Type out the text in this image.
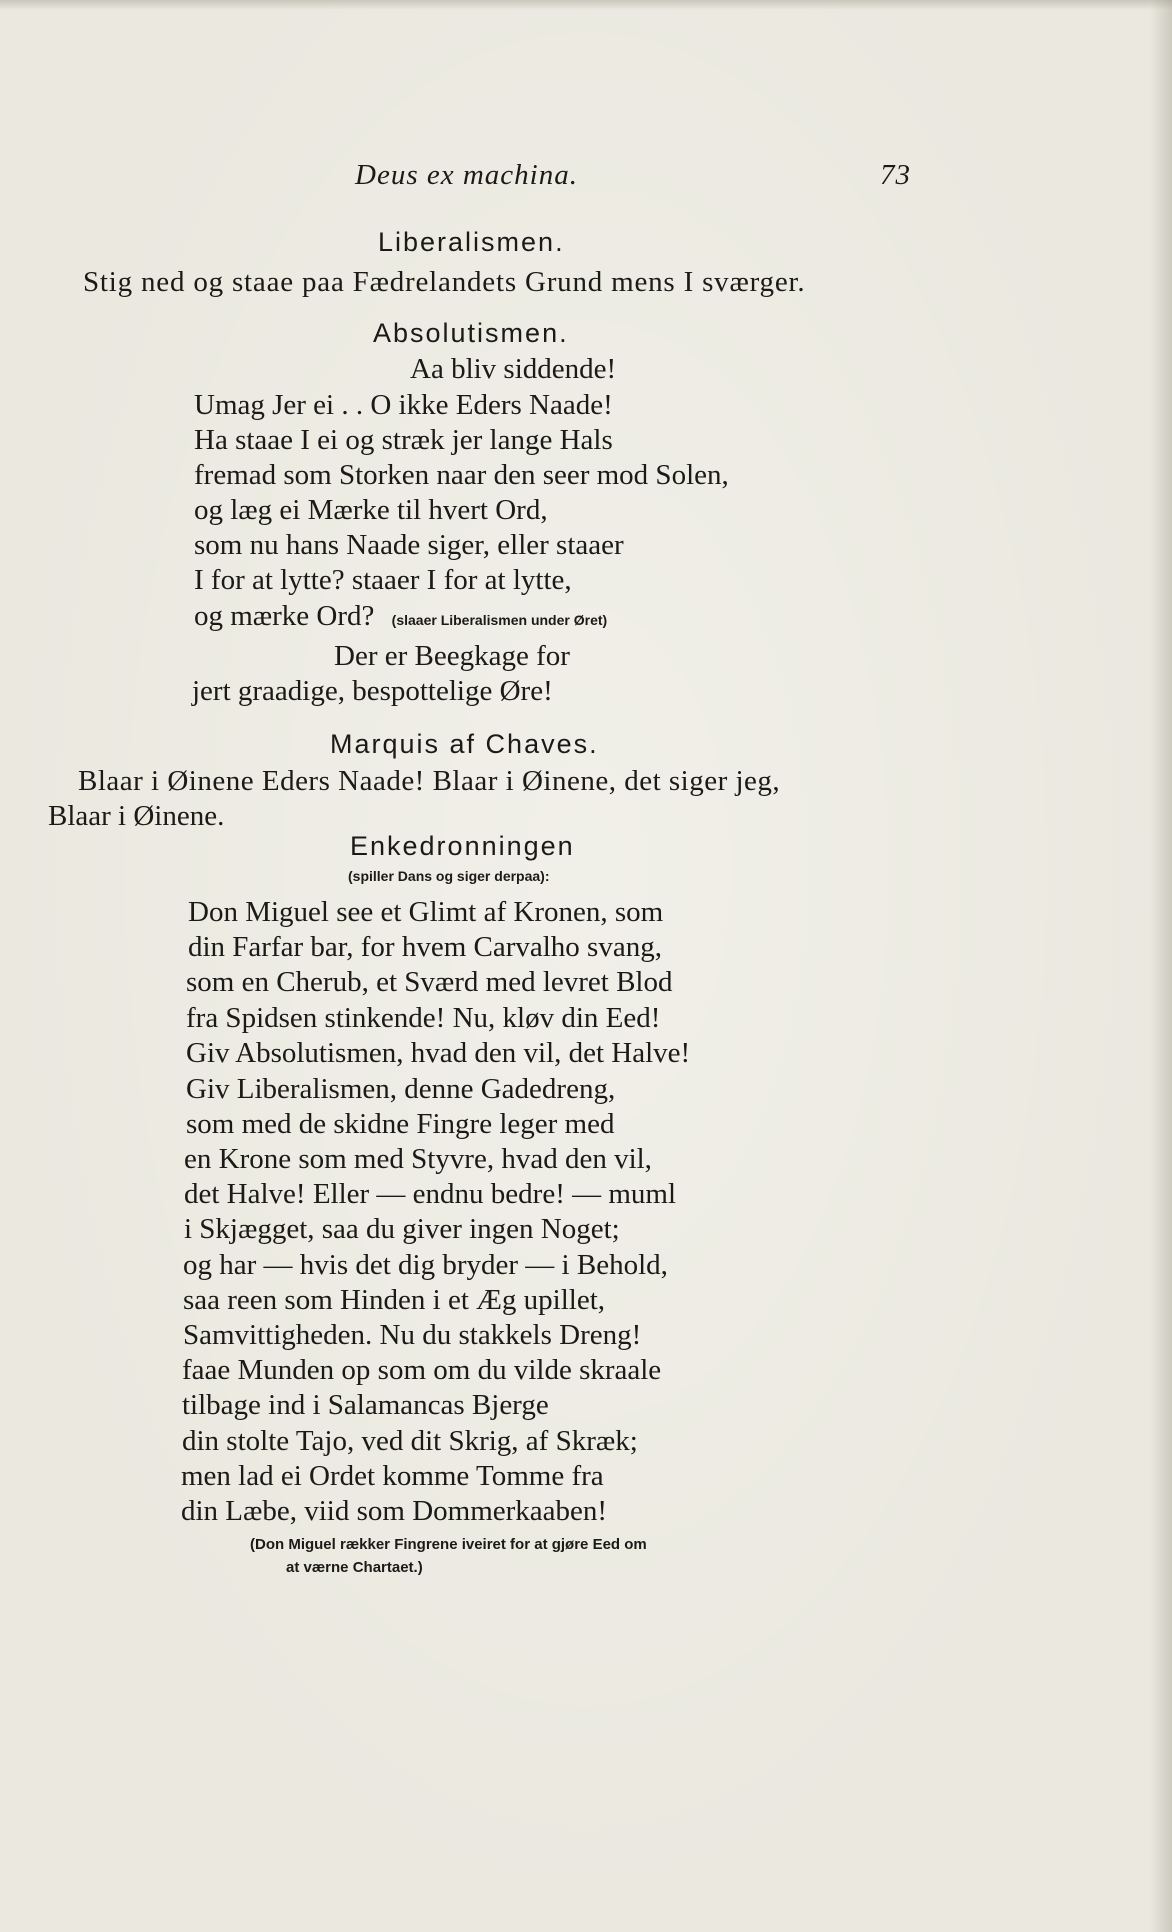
Deus ex machina.	73
Liberalismen.
Stig ned og staae paa Fædrelandets Grund mens I sværger.
Absolutismen.
Aa bliv siddende!
Umag Jer ei . . O ikke Eders Naade!
Ha staae I ei og stræk jer lange Hals
fremad som Storken naar den seer mod Solen,
og læg ei Mærke til hvert Ord,
som nu hans Naade siger, eller staaer
I for at lytte? staaer I for at lytte,
og mærke Ord? (slaaer Liberalismen under Øret)
Der er Beegkage for
jert graadige, bespottelige Øre!
Marquis af Chaves.
Blaar i Øinene Eders Naade! Blaar i Øinene, det siger jeg,
Blaar i Øinene.
Enkedronningen
(spiller Dans og siger derpaa):
Don Miguel see et Glimt af Kronen, som
din Farfar bar, for hvem Carvalho svang,
som en Cherub, et Sværd med levret Blod
fra Spidsen stinkende! Nu, kløv din Eed!
Giv Absolutismen, hvad den vil, det Halve!
Giv Liberalismen, denne Gadedreng,
som med de skidne Fingre leger med
en Krone som med Styvre, hvad den vil,
det Halve! Eller — endnu bedre! — muml
i Skjægget, saa du giver ingen Noget;
og har — hvis det dig bryder — i Behold,
saa reen som Hinden i et Æg upillet,
Samvittigheden. Nu du stakkels Dreng!
faae Munden op som om du vilde skraale
tilbage ind i Salamancas Bjerge
din stolte Tajo, ved dit Skrig, af Skræk;
men lad ei Ordet komme Tomme fra
din Læbe, viid som Dommerkaaben!
(Don Miguel rækker Fingrene iveiret for at gjøre Eed om
at værne Chartaet.)
